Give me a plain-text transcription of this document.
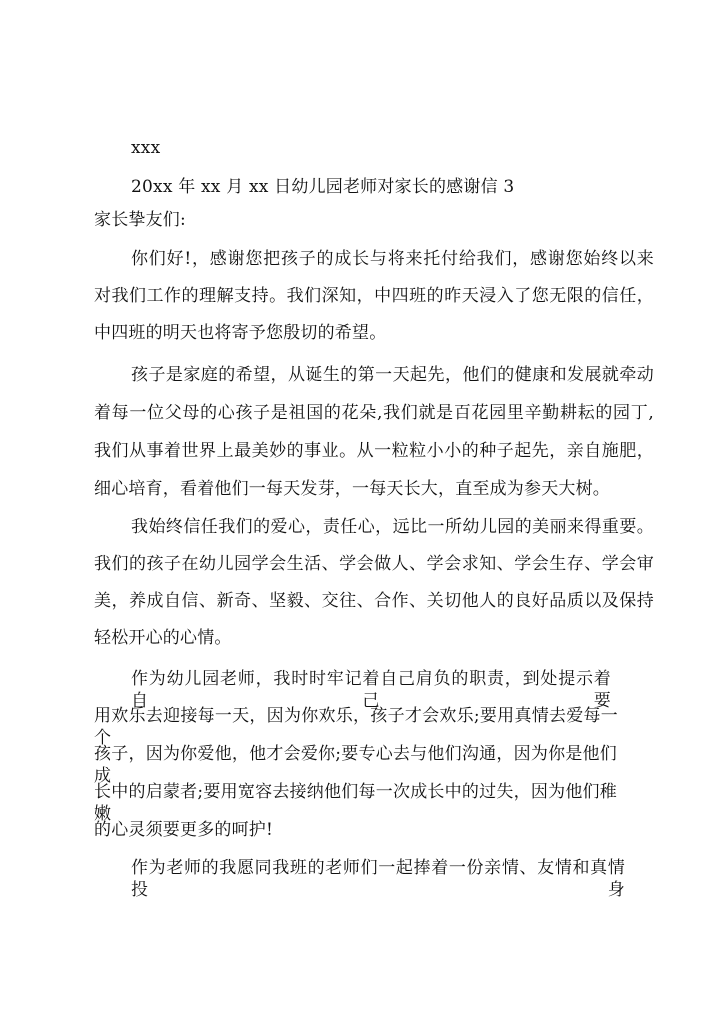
xxx
20xx 年 xx 月 xx 日幼儿园老师对家长的感谢信 3
家长挚友们:
你们好!，感谢您把孩子的成长与将来托付给我们，感谢您始终以来
对我们工作的理解支持。我们深知，中四班的昨天浸入了您无限的信任，
中四班的明天也将寄予您殷切的希望。
孩子是家庭的希望，从诞生的第一天起先，他们的健康和发展就牵动
着每一位父母的心孩子是祖国的花朵,我们就是百花园里辛勤耕耘的园丁,
我们从事着世界上最美妙的事业。从一粒粒小小的种子起先，亲自施肥，
细心培育，看着他们一每天发芽，一每天长大，直至成为参天大树。
我始终信任我们的爱心，责任心，远比一所幼儿园的美丽来得重要。
我们的孩子在幼儿园学会生活、学会做人、学会求知、学会生存、学会审
美，养成自信、新奇、坚毅、交往、合作、关切他人的良好品质以及保持
轻松开心的心情。
作为幼儿园老师，我时时牢记着自己肩负的职责，到处提示着自己要
用欢乐去迎接每一天，因为你欢乐，孩子才会欢乐;要用真情去爱每一个
孩子，因为你爱他，他才会爱你;要专心去与他们沟通，因为你是他们成
长中的启蒙者;要用宽容去接纳他们每一次成长中的过失，因为他们稚嫩
的心灵须要更多的呵护!
作为老师的我愿同我班的老师们一起捧着一份亲情、友情和真情投身
